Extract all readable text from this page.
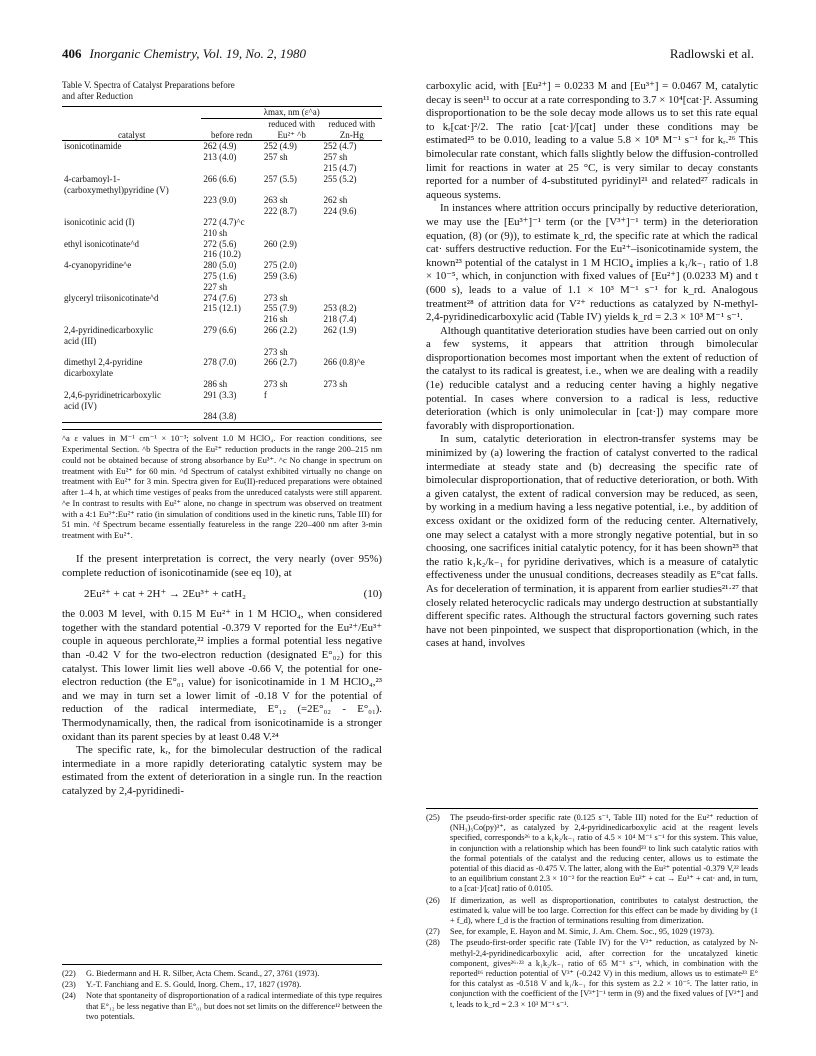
406 Inorganic Chemistry, Vol. 19, No. 2, 1980	Radlowski et al.
Table V. Spectra of Catalyst Preparations before
and after Reduction
	λmax, nm (ε^a)		
catalyst	before redn	reduced with Eu²⁺ ^b	reduced with Zn-Hg
isonicotinamide	262 (4.9)	252 (4.9)	252 (4.7)
	213 (4.0)	257 sh	257 sh
			215 (4.7)
4-carbamoyl-1-	266 (6.6)	257 (5.5)	255 (5.2)
(carboxymethyl)pyridine (V)			
	223 (9.0)	263 sh	262 sh
		222 (8.7)	224 (9.6)
isonicotinic acid (I)	272 (4.7)^c		
	210 sh		
ethyl isonicotinate^d	272 (5.6)	260 (2.9)	
	216 (10.2)		
4-cyanopyridine^e	280 (5.0)	275 (2.0)	
	275 (1.6)	259 (3.6)	
	227 sh		
glyceryl triisonicotinate^d	274 (7.6)	273 sh	
	215 (12.1)	255 (7.9)	253 (8.2)
		216 sh	218 (7.4)
2,4-pyridinedicarboxylic	279 (6.6)	266 (2.2)	262 (1.9)
acid (III)			
		273 sh	
dimethyl 2,4-pyridine	278 (7.0)	266 (2.7)	266 (0.8)^e
dicarboxylate			
	286 sh	273 sh	273 sh
2,4,6-pyridinetricarboxylic	291 (3.3)	f	
acid (IV)			
	284 (3.8)		
^a ε values in M⁻¹ cm⁻¹ × 10⁻³; solvent 1.0 M HClO₄. For reaction conditions, see Experimental Section. ^b Spectra of the Eu²⁺ reduction products in the range 200–215 nm could not be obtained because of strong absorbance by Eu³⁺. ^c No change in spectrum on treatment with Eu²⁺ for 60 min. ^d Spectrum of catalyst exhibited virtually no change on treatment with Eu²⁺ for 3 min. Spectra given for Eu(II)-reduced preparations were obtained after 1–4 h, at which time vestiges of peaks from the unreduced catalysts were still apparent. ^e In contrast to results with Eu²⁺ alone, no change in spectrum was observed on treatment with a 4:1 Eu³⁺:Eu²⁺ ratio (in simulation of conditions used in the kinetic runs, Table III) for 51 min. ^f Spectrum became essentially featureless in the range 220–400 nm after 3-min treatment with Eu²⁺.

If the present interpretation is correct, the very nearly (over 95%) complete reduction of isonicotinamide (see eq 10), at

2Eu²⁺ + cat + 2H⁺ → 2Eu³⁺ + catH₂	(10)

the 0.003 M level, with 0.15 M Eu²⁺ in 1 M HClO₄, when considered together with the standard potential -0.379 V reported for the Eu²⁺/Eu³⁺ couple in aqueous perchlorate,²² implies a formal potential less negative than -0.42 V for the two-electron reduction (designated E°₀₂) for this catalyst. This lower limit lies well above -0.66 V, the potential for one-electron reduction (the E°₀₁ value) for isonicotinamide in 1 M HClO₄,²³ and we may in turn set a lower limit of -0.18 V for the potential of reduction of the radical intermediate, E°₁₂ (=2E°₀₂ - E°₀₁). Thermodynamically, then, the radical from isonicotinamide is a stronger oxidant than its parent species by at least 0.48 V.²⁴

The specific rate, kᵣ, for the bimolecular destruction of the radical intermediate in a more rapidly deteriorating catalytic system may be estimated from the extent of deterioration in a single run. In the reaction catalyzed by 2,4-pyridinedi-

(22) G. Biedermann and H. R. Silber, Acta Chem. Scand., 27, 3761 (1973).
(23) Y.-T. Fanchiang and E. S. Gould, Inorg. Chem., 17, 1827 (1978).
(24) Note that spontaneity of disproportionation of a radical intermediate of this type requires that E°₁₂ be less negative than E°₀₁ but does not set limits on the difference¹² between the two potentials.

carboxylic acid, with [Eu²⁺] = 0.0233 M and [Eu³⁺] = 0.0467 M, catalytic decay is seen¹¹ to occur at a rate corresponding to 3.7 × 10⁴[cat·]². Assuming disproportionation to be the sole decay mode allows us to set this rate equal to kᵣ[cat·]²/2. The ratio [cat·]/[cat] under these conditions may be estimated²⁵ to be 0.010, leading to a value 5.8 × 10⁸ M⁻¹ s⁻¹ for kᵣ.²⁶ This bimolecular rate constant, which falls slightly below the diffusion-controlled limit for reactions in water at 25 °C, is very similar to decay constants reported for a number of 4-substituted pyridinyl²¹ and related²⁷ radicals in aqueous systems.

In instances where attrition occurs principally by reductive deterioration, we may use the [Eu³⁺]⁻¹ term (or the [V³⁺]⁻¹ term) in the deterioration equation, (8) (or (9)), to estimate k_rd, the specific rate at which the radical cat· suffers destructive reduction. For the Eu²⁺–isonicotinamide system, the known²³ potential of the catalyst in 1 M HClO₄ implies a k₁/k₋₁ ratio of 1.8 × 10⁻⁵, which, in conjunction with fixed values of [Eu²⁺] (0.0233 M) and t (600 s), leads to a value of 1.1 × 10³ M⁻¹ s⁻¹ for k_rd. Analogous treatment²⁸ of attrition data for V²⁺ reductions as catalyzed by N-methyl-2,4-pyridinedicarboxylic acid (Table IV) yields k_rd = 2.3 × 10³ M⁻¹ s⁻¹.

Although quantitative deterioration studies have been carried out on only a few systems, it appears that attrition through bimolecular disproportionation becomes most important when the extent of reduction of the catalyst to its radical is greatest, i.e., when we are dealing with a readily (1e) reducible catalyst and a reducing center having a highly negative potential. In cases where conversion to a radical is less, reductive deterioration (which is only unimolecular in [cat·]) may compare more favorably with disproportionation.

In sum, catalytic deterioration in electron-transfer systems may be minimized by (a) lowering the fraction of catalyst converted to the radical intermediate at steady state and (b) decreasing the specific rate of bimolecular disproportionation, that of reductive deterioration, or both. With a given catalyst, the extent of radical conversion may be reduced, as seen, by working in a medium having a less negative potential, i.e., by addition of excess oxidant or the oxidized form of the reducing center. Alternatively, one may select a catalyst with a more strongly negative potential, but in so choosing, one sacrifices initial catalytic potency, for it has been shown²³ that the ratio k₁k₂/k₋₁ for pyridine derivatives, which is a measure of catalytic effectiveness under the unusual conditions, decreases steadily as E°cat falls. As for deceleration of termination, it is apparent from earlier studies²¹·²⁷ that closely related heterocyclic radicals may undergo destruction at substantially different specific rates. Although the structural factors governing such rates have not been pinpointed, we suspect that disproportionation (which, in the cases at hand, involves

(25) The pseudo-first-order specific rate (0.125 s⁻¹, Table III) noted for the Eu²⁺ reduction of (NH₃)₅Co(py)³⁺, as catalyzed by 2,4-pyridinedicarboxylic acid at the reagent levels specified, corresponds²⁶ to a k₁k₂/k₋₁ ratio of 4.5 × 10⁴ M⁻¹ s⁻¹ for this system. This value, in conjunction with a relationship which has been found²³ to link such catalytic ratios with the formal potentials of the catalyst and the reducing center, allows us to estimate the potential of this diacid as -0.475 V. The latter, along with the Eu²⁺ potential -0.379 V,²² leads to an equilibrium constant 2.3 × 10⁻² for the reaction Eu²⁺ + cat → Eu³⁺ + cat· and, in turn, to a [cat·]/[cat] ratio of 0.0105.
(26) If dimerization, as well as disproportionation, contributes to catalyst destruction, the estimated kᵣ value will be too large. Correction for this effect can be made by dividing by (1 + f_d), where f_d is the fraction of terminations resulting from dimerization.
(27) See, for example, E. Hayon and M. Simic, J. Am. Chem. Soc., 95, 1029 (1973).
(28) The pseudo-first-order specific rate (Table IV) for the V²⁺ reduction, as catalyzed by N-methyl-2,4-pyridinedicarboxylic acid, after correction for the uncatalyzed kinetic component, gives²⁶·²³ a k₁k₂/k₋₁ ratio of 65 M⁻¹ s⁻¹, which, in combination with the reported¹⁶ reduction potential of V³⁺ (-0.242 V) in this medium, allows us to estimate²³ E° for this catalyst as -0.518 V and k₁/k₋₁ for this system as 2.2 × 10⁻⁵. The latter ratio, in conjunction with the coefficient of the [V³⁺]⁻¹ term in (9) and the fixed values of [V²⁺] and t, leads to k_rd = 2.3 × 10³ M⁻¹ s⁻¹.
